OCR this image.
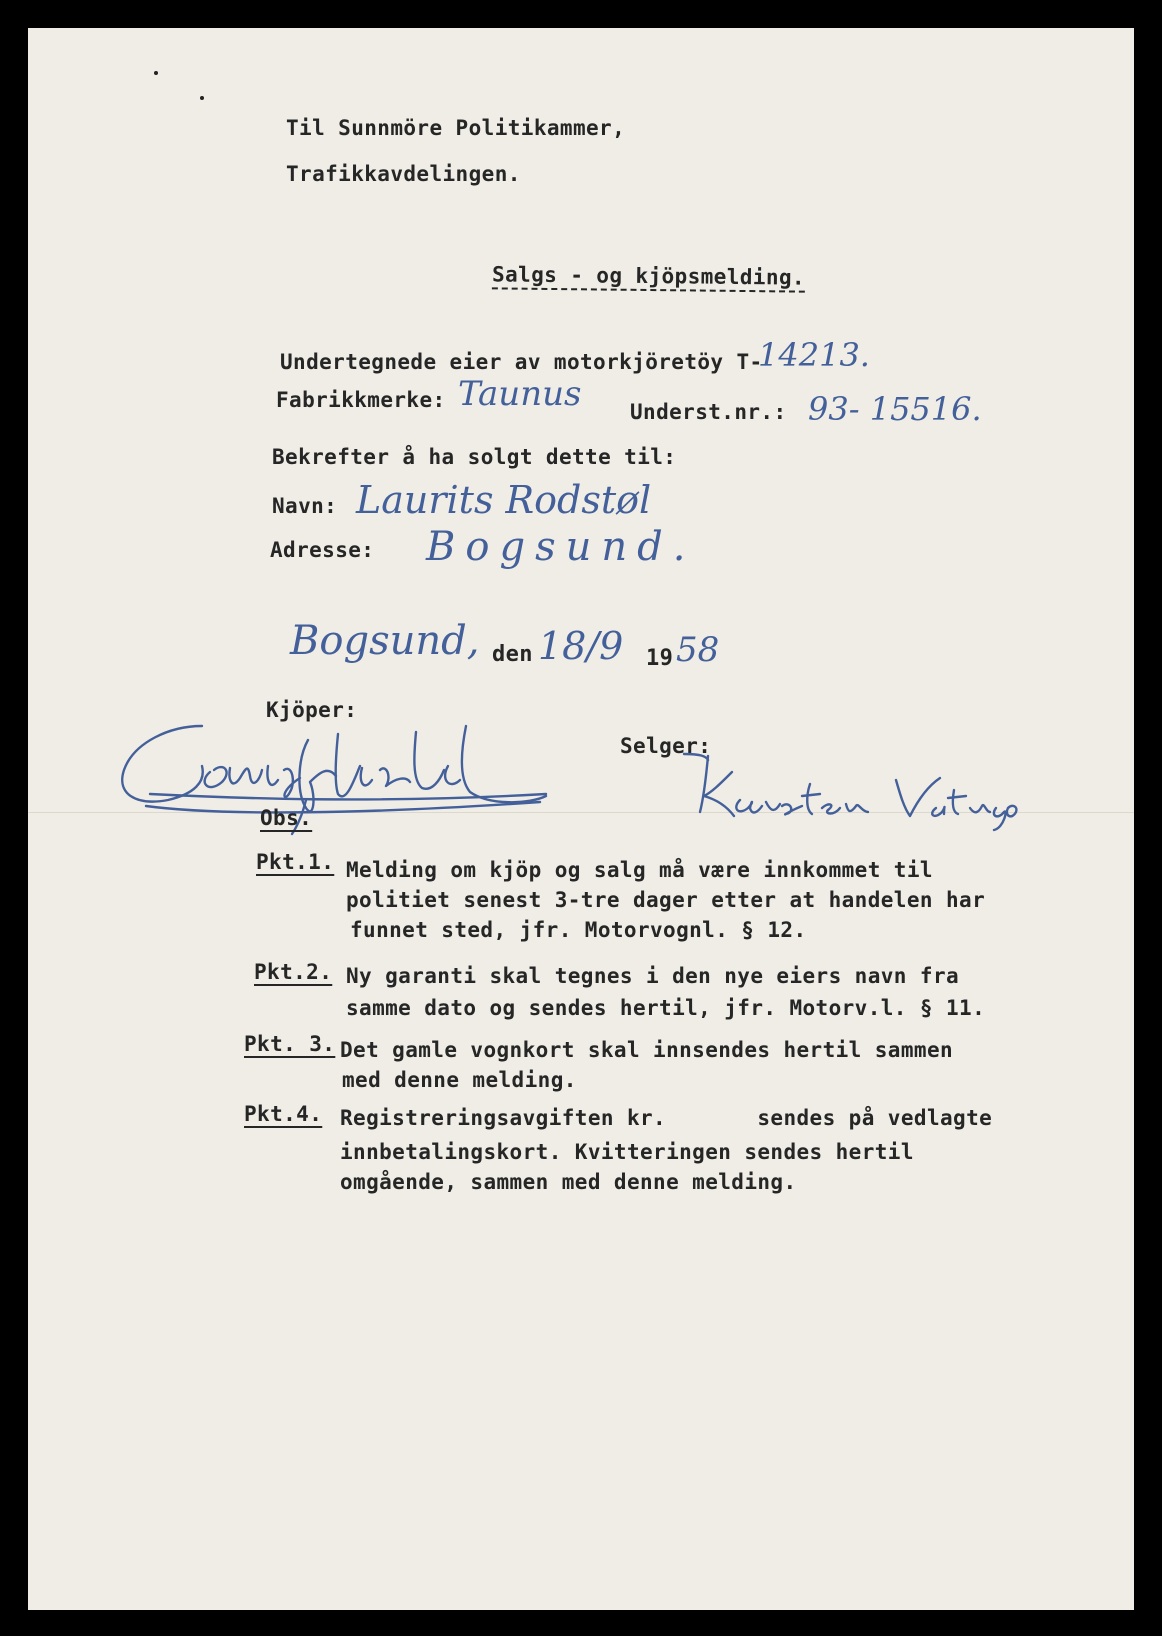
Til Sunnmöre Politikammer,
Trafikkavdelingen.
Salgs - og kjöpsmelding.
Undertegnede eier av motorkjöretöy T-
14213.
Fabrikkmerke: Taunus Underst.nr.: 93- 15516.
Bekrefter å ha solgt dette til:
Navn: Laurits Rodstøl
Adresse: Bogsund.
Bogsund, den 18/9 19 58
Kjöper:
Selger:
Obs.
Pkt.1. Melding om kjöp og salg må være innkommet til
politiet senest 3-tre dager etter at handelen har
funnet sted, jfr. Motorvognl. § 12.
Pkt.2. Ny garanti skal tegnes i den nye eiers navn fra
samme dato og sendes hertil, jfr. Motorv.l. § 11.
Pkt. 3. Det gamle vognkort skal innsendes hertil sammen
med denne melding.
Pkt.4. Registreringsavgiften kr.       sendes på vedlagte
innbetalingskort. Kvitteringen sendes hertil
omgående, sammen med denne melding.
